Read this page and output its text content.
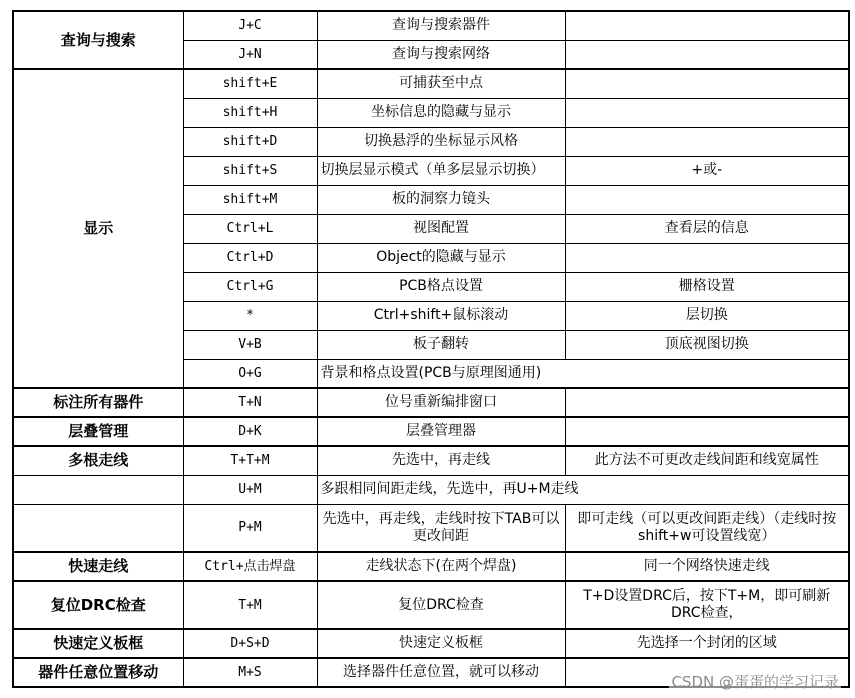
查询与搜索	J+C	查询与搜索器件	
	J+N	查询与搜索网络	
显示	shift+E	可捕获至中点	
	shift+H	坐标信息的隐藏与显示	
	shift+D	切换悬浮的坐标显示风格	
	shift+S	切换层显示模式（单多层显示切换）	+或-
	shift+M	板的洞察力镜头	
	Ctrl+L	视图配置	查看层的信息
	Ctrl+D	Object的隐藏与显示	
	Ctrl+G	PCB格点设置	栅格设置
	*	Ctrl+shift+鼠标滚动	层切换
	V+B	板子翻转	顶底视图切换
	O+G	背景和格点设置(PCB与原理图通用)	
标注所有器件	T+N	位号重新编排窗口	
层叠管理	D+K	层叠管理器	
多根走线	T+T+M	先选中，再走线	此方法不可更改走线间距和线宽属性
	U+M	多跟相同间距走线，先选中，再U+M走线	
	P+M	先选中，再走线，走线时按下TAB可以更改间距	即可走线（可以更改间距走线）（走线时按shift+w可设置线宽）
快速走线	Ctrl+点击焊盘	走线状态下(在两个焊盘)	同一个网络快速走线
复位DRC检查	T+M	复位DRC检查	T+D设置DRC后，按下T+M，即可刷新DRC检查，
快速定义板框	D+S+D	快速定义板框	先选择一个封闭的区域
器件任意位置移动	M+S	选择器件任意位置，就可以移动	
CSDN @蛋蛋的学习记录
